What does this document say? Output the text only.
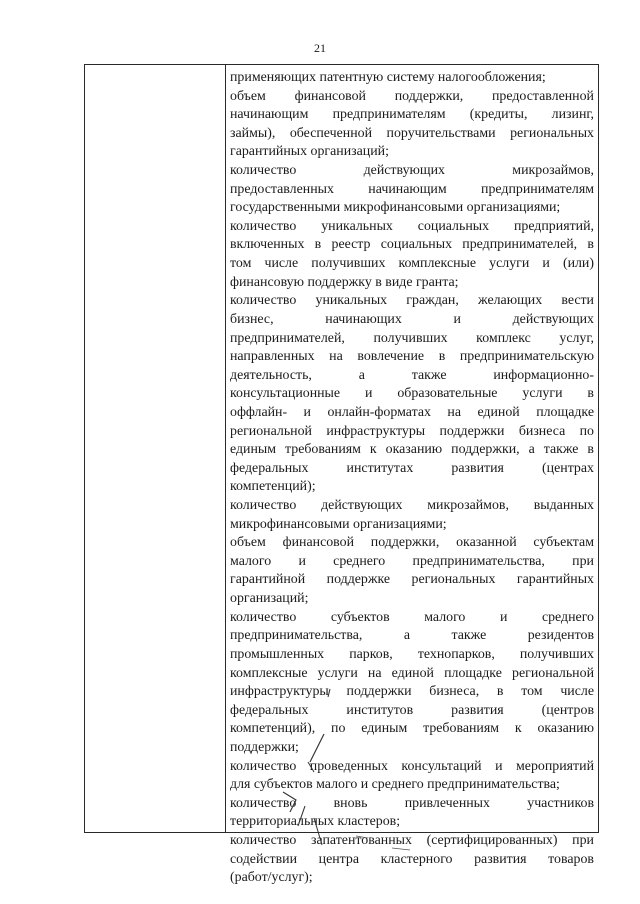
21
применяющих патентную систему налогообложения;
объем финансовой поддержки, предоставленной
начинающим предпринимателям (кредиты, лизинг,
займы), обеспеченной поручительствами региональных
гарантийных организаций;
количество действующих микрозаймов,
предоставленных начинающим предпринимателям
государственными микрофинансовыми организациями;
количество уникальных социальных предприятий,
включенных в реестр социальных предпринимателей, в
том числе получивших комплексные услуги и (или)
финансовую поддержку в виде гранта;
количество уникальных граждан, желающих вести
бизнес, начинающих и действующих
предпринимателей, получивших комплекс услуг,
направленных на вовлечение в предпринимательскую
деятельность, а также информационно-
консультационные и образовательные услуги в
оффлайн- и онлайн-форматах на единой площадке
региональной инфраструктуры поддержки бизнеса по
единым требованиям к оказанию поддержки, а также в
федеральных институтах развития (центрах
компетенций);
количество действующих микрозаймов, выданных
микрофинансовыми организациями;
объем финансовой поддержки, оказанной субъектам
малого и среднего предпринимательства, при
гарантийной поддержке региональных гарантийных
организаций;
количество субъектов малого и среднего
предпринимательства, а также резидентов
промышленных парков, технопарков, получивших
комплексные услуги на единой площадке региональной
инфраструктуры поддержки бизнеса, в том числе
федеральных институтов развития (центров
компетенций), по единым требованиям к оказанию
поддержки;
количество проведенных консультаций и мероприятий
для субъектов малого и среднего предпринимательства;
количество вновь привлеченных участников
территориальных кластеров;
количество запатентованных (сертифицированных) при
содействии центра кластерного развития товаров
(работ/услуг);
